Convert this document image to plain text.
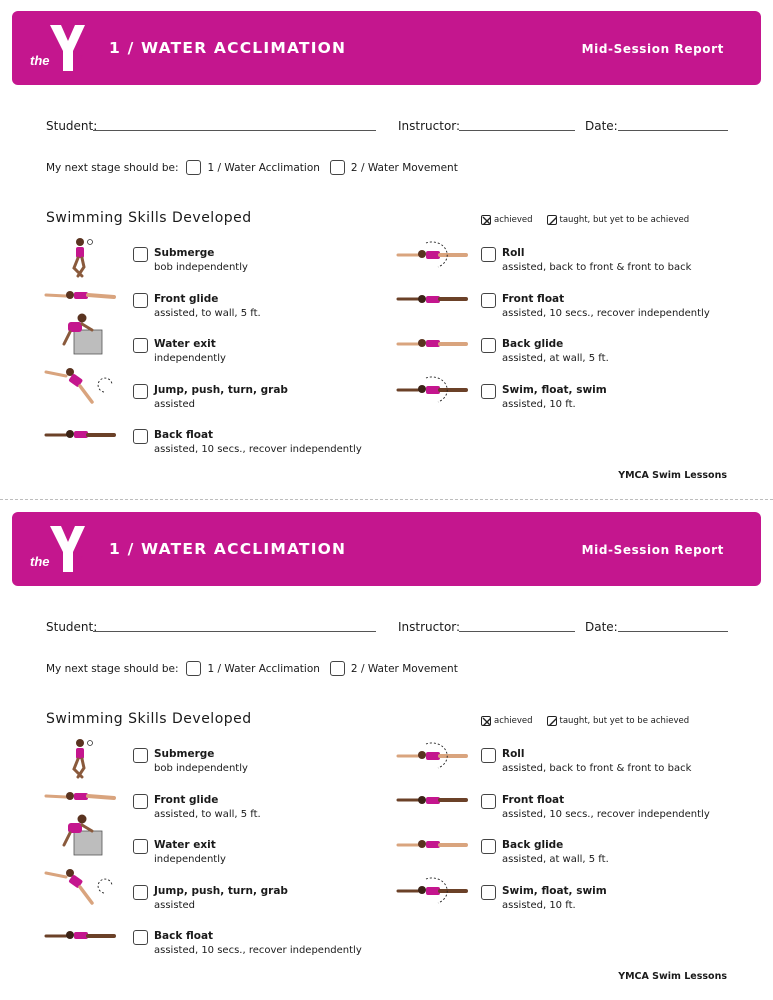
the	YMCA
1 / WATER ACCLIMATION	Mid-Session Report
Student:	Instructor:	Date:
My next stage should be:	1 / Water Acclimation	2 / Water Movement
Swimming Skills Developed	achieved	taught, but yet to be achieved
Submerge
bob independently
Front glide
assisted, to wall, 5 ft.
Water exit
independently
Jump, push, turn, grab
assisted
Back float
assisted, 10 secs., recover independently
Roll
assisted, back to front & front to back
Front float
assisted, 10 secs., recover independently
Back glide
assisted, at wall, 5 ft.
Swim, float, swim
assisted, 10 ft.
YMCA Swim Lessons
the	YMCA
1 / WATER ACCLIMATION	Mid-Session Report
Student:	Instructor:	Date:
My next stage should be:	1 / Water Acclimation	2 / Water Movement
Swimming Skills Developed	achieved	taught, but yet to be achieved
Submerge
bob independently
Front glide
assisted, to wall, 5 ft.
Water exit
independently
Jump, push, turn, grab
assisted
Back float
assisted, 10 secs., recover independently
Roll
assisted, back to front & front to back
Front float
assisted, 10 secs., recover independently
Back glide
assisted, at wall, 5 ft.
Swim, float, swim
assisted, 10 ft.
YMCA Swim Lessons
